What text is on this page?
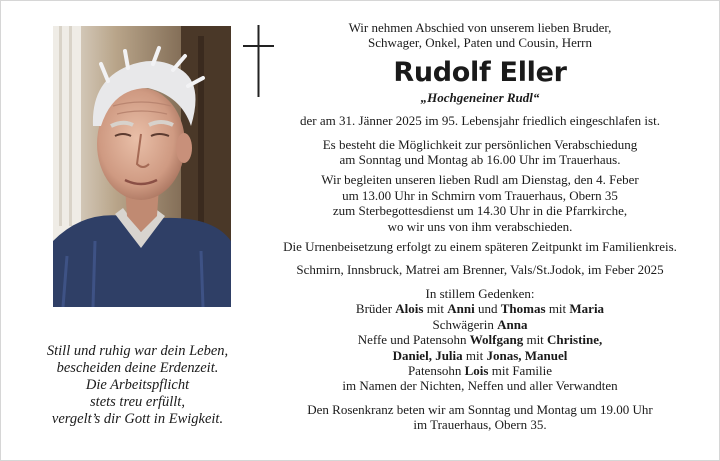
Wir nehmen Abschied von unserem lieben Bruder,
Schwager, Onkel, Paten und Cousin, Herrn
Rudolf Eller
„Hochgeneiner Rudl“
der am 31. Jänner 2025 im 95. Lebensjahr friedlich eingeschlafen ist.
Es besteht die Möglichkeit zur persönlichen Verabschiedung
am Sonntag und Montag ab 16.00 Uhr im Trauerhaus.
Wir begleiten unseren lieben Rudl am Dienstag, den 4. Feber
um 13.00 Uhr in Schmirn vom Trauerhaus, Obern 35
zum Sterbegottesdienst um 14.30 Uhr in die Pfarrkirche,
wo wir uns von ihm verabschieden.
Die Urnenbeisetzung erfolgt zu einem späteren Zeitpunkt im Familienkreis.
Schmirn, Innsbruck, Matrei am Brenner, Vals/St.Jodok, im Feber 2025
In stillem Gedenken:
Brüder Alois mit Anni und Thomas mit Maria
Schwägerin Anna
Neffe und Patensohn Wolfgang mit Christine,
Daniel, Julia mit Jonas, Manuel
Patensohn Lois mit Familie
im Namen der Nichten, Neffen und aller Verwandten
Den Rosenkranz beten wir am Sonntag und Montag um 19.00 Uhr
im Trauerhaus, Obern 35.
Still und ruhig war dein Leben,
bescheiden deine Erdenzeit.
Die Arbeitspflicht
stets treu erfüllt,
vergelt’s dir Gott in Ewigkeit.
